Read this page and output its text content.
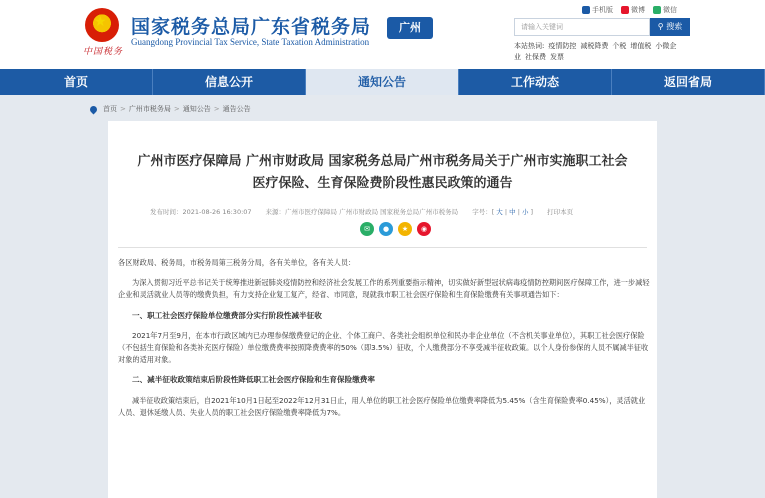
★
中国税务
国家税务总局广东省税务局
Guangdong Provincial Tax Service, State Taxation Administration
广州
手机版	微博	微信
请输入关键词	⚲ 搜索
本站热词: 疫情防控 减税降费 个税 增值税 小微企业 社保费 发票
首页	信息公开	通知公告	工作动态	返回省局
首页 > 广州市税务局 > 通知公告 > 通告公告
广州市医疗保障局 广州市财政局 国家税务总局广州市税务局关于广州市实施职工社会
医疗保险、生育保险费阶段性惠民政策的通告
发布时间：2021-08-26 16:30:07 来源：广州市医疗保障局 广州市财政局 国家税务总局广州市税务局 字号：[ 大 | 中 | 小 ] 打印本页
✉	●	★	◉

各区财政局、税务局，市税务局第三税务分局，各有关单位，各有关人员：

为深入贯彻习近平总书记关于统筹推进新冠肺炎疫情防控和经济社会发展工作的系列重要指示精神，切实做好新型冠状病毒疫情防控期间医疗保障工作，进一步减轻企业和灵活就业人员等的缴费负担，有力支持企业复工复产，经省、市同意，现就我市职工社会医疗保险和生育保险缴费有关事项通告如下：

一、职工社会医疗保险单位缴费部分实行阶段性减半征收

2021年7月至9月，在本市行政区域内已办理参保缴费登记的企业、个体工商户、各类社会组织单位和民办非企业单位（不含机关事业单位），其职工社会医疗保险（不包括生育保险和各类补充医疗保险）单位缴费费率按照降费费率的50%（即3.5%）征收，个人缴费部分不享受减半征收政策。以个人身份参保的人员不属减半征收对象的适用对象。

二、减半征收政策结束后阶段性降低职工社会医疗保险和生育保险缴费率

减半征收政策结束后，自2021年10月1日起至2022年12月31日止，用人单位的职工社会医疗保险单位缴费率降低为5.45%（含生育保险费率0.45%），灵活就业人员、退休延缴人员、失业人员的职工社会医疗保险缴费率降低为7%。
